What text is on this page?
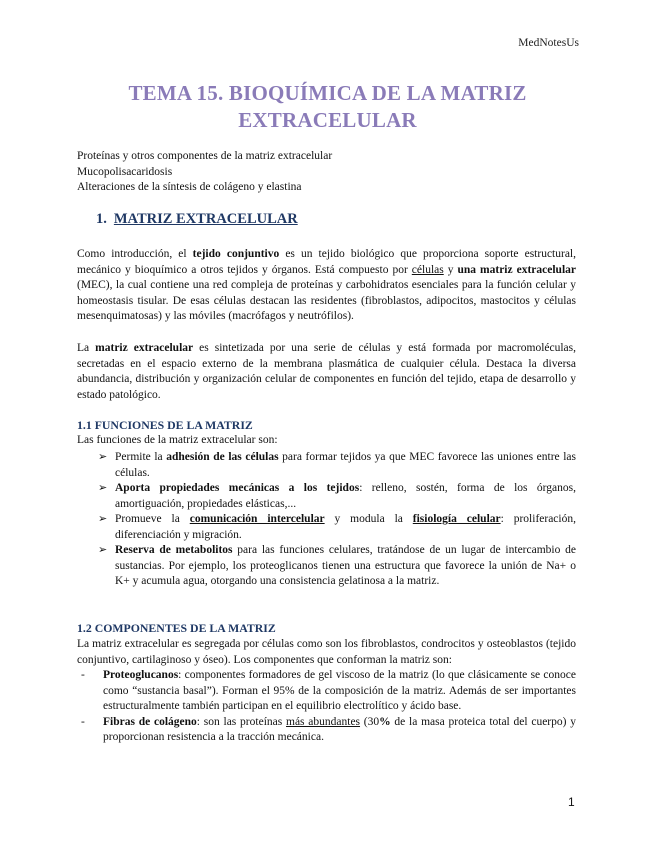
MedNotesUs
TEMA 15. BIOQUÍMICA DE LA MATRIZ
EXTRACELULAR
Proteínas y otros componentes de la matriz extracelular
Mucopolisacaridosis
Alteraciones de la síntesis de colágeno y elastina
1. MATRIZ EXTRACELULAR
Como introducción, el tejido conjuntivo es un tejido biológico que proporciona soporte estructural, mecánico y bioquímico a otros tejidos y órganos. Está compuesto por células y una matriz extracelular (MEC), la cual contiene una red compleja de proteínas y carbohidratos esenciales para la función celular y homeostasis tisular. De esas células destacan las residentes (fibroblastos, adipocitos, mastocitos y células mesenquimatosas) y las móviles (macrófagos y neutrófilos).
La matriz extracelular es sintetizada por una serie de células y está formada por macromoléculas, secretadas en el espacio externo de la membrana plasmática de cualquier célula. Destaca la diversa abundancia, distribución y organización celular de componentes en función del tejido, etapa de desarrollo y estado patológico.
1.1 FUNCIONES DE LA MATRIZ
Las funciones de la matriz extracelular son:
➢ Permite la adhesión de las células para formar tejidos ya que MEC favorece las uniones entre las células.
➢ Aporta propiedades mecánicas a los tejidos: relleno, sostén, forma de los órganos, amortiguación, propiedades elásticas,...
➢ Promueve la comunicación intercelular y modula la fisiología celular: proliferación, diferenciación y migración.
➢ Reserva de metabolitos para las funciones celulares, tratándose de un lugar de intercambio de sustancias. Por ejemplo, los proteoglicanos tienen una estructura que favorece la unión de Na+ o K+ y acumula agua, otorgando una consistencia gelatinosa a la matriz.
1.2 COMPONENTES DE LA MATRIZ
La matriz extracelular es segregada por células como son los fibroblastos, condrocitos y osteoblastos (tejido conjuntivo, cartilaginoso y óseo). Los componentes que conforman la matriz son:
- Proteoglucanos: componentes formadores de gel viscoso de la matriz (lo que clásicamente se conoce como “sustancia basal”). Forman el 95% de la composición de la matriz. Además de ser importantes estructuralmente también participan en el equilibrio electrolítico y ácido base.
- Fibras de colágeno: son las proteínas más abundantes (30% de la masa proteica total del cuerpo) y proporcionan resistencia a la tracción mecánica.
1
